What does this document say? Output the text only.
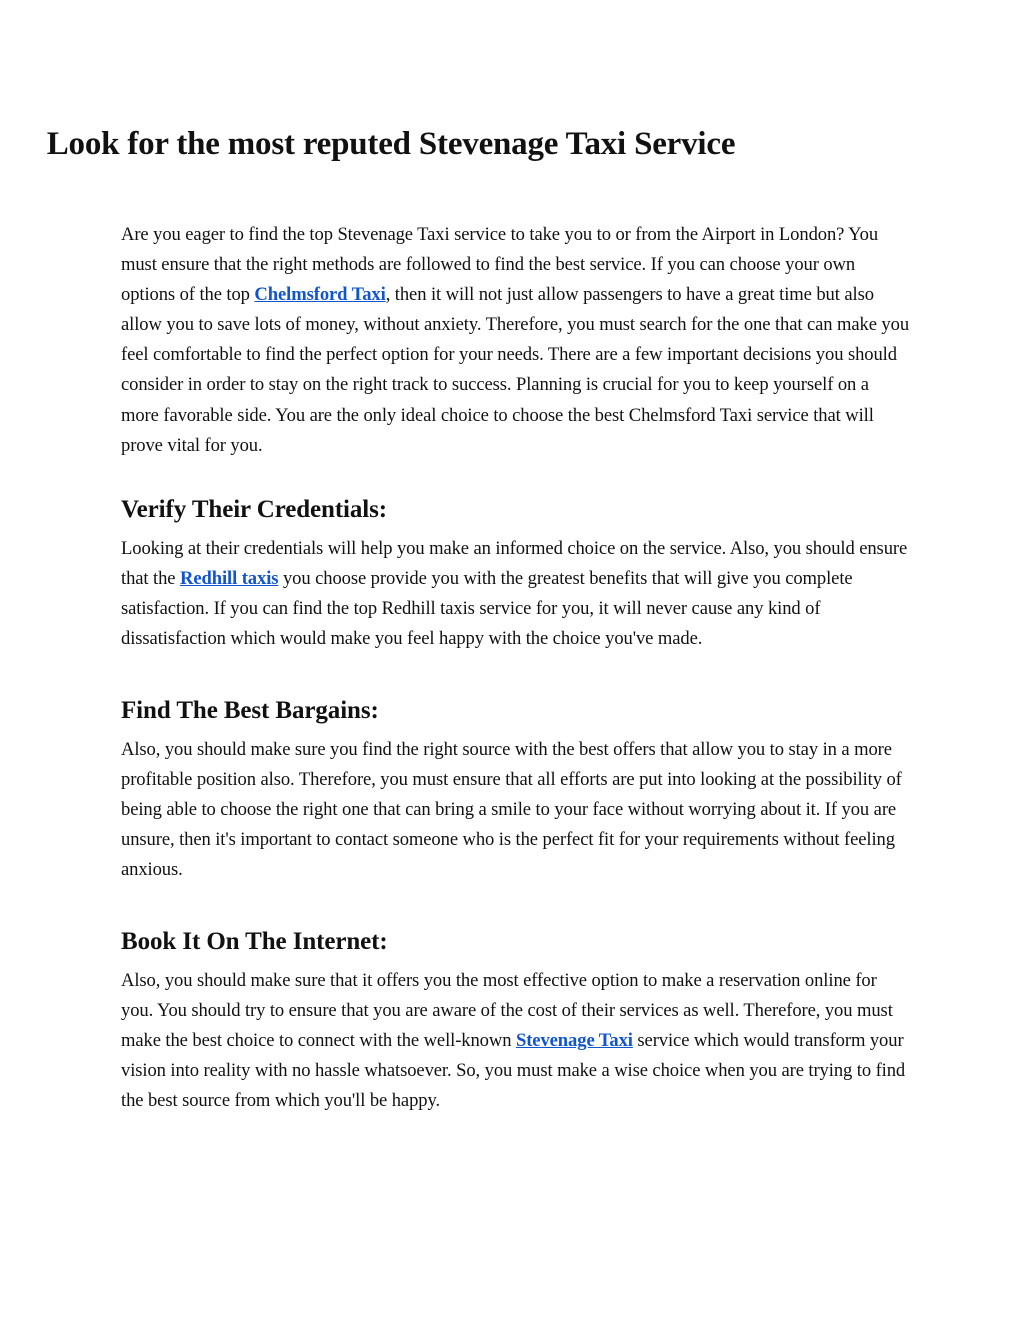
Look for the most reputed Stevenage Taxi Service

Are you eager to find the top Stevenage Taxi service to take you to or from the Airport in London? You must ensure that the right methods are followed to find the best service. If you can choose your own options of the top Chelmsford Taxi, then it will not just allow passengers to have a great time but also allow you to save lots of money, without anxiety. Therefore, you must search for the one that can make you feel comfortable to find the perfect option for your needs. There are a few important decisions you should consider in order to stay on the right track to success. Planning is crucial for you to keep yourself on a more favorable side. You are the only ideal choice to choose the best Chelmsford Taxi service that will prove vital for you.

Verify Their Credentials:

Looking at their credentials will help you make an informed choice on the service. Also, you should ensure that the Redhill taxis you choose provide you with the greatest benefits that will give you complete satisfaction. If you can find the top Redhill taxis service for you, it will never cause any kind of dissatisfaction which would make you feel happy with the choice you've made.

Find The Best Bargains:

Also, you should make sure you find the right source with the best offers that allow you to stay in a more profitable position also. Therefore, you must ensure that all efforts are put into looking at the possibility of being able to choose the right one that can bring a smile to your face without worrying about it. If you are unsure, then it's important to contact someone who is the perfect fit for your requirements without feeling anxious.

Book It On The Internet:

Also, you should make sure that it offers you the most effective option to make a reservation online for you. You should try to ensure that you are aware of the cost of their services as well. Therefore, you must make the best choice to connect with the well-known Stevenage Taxi service which would transform your vision into reality with no hassle whatsoever. So, you must make a wise choice when you are trying to find the best source from which you'll be happy.
